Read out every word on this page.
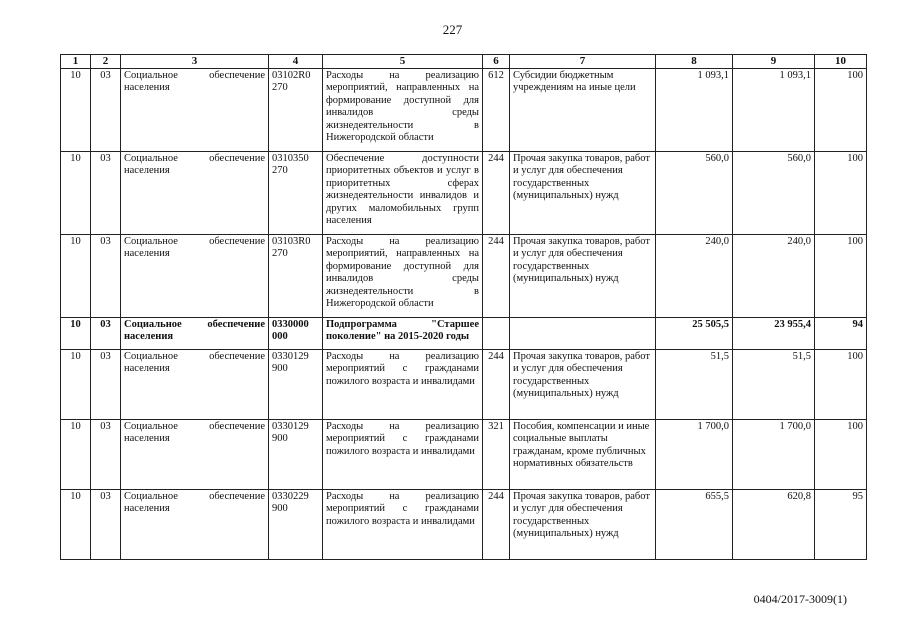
227
1	2	3	4	5	6	7	8	9	10
10	03	Социальное обеспечение населения	03102R0 270	Расходы на реализацию мероприятий, направленных на формирование доступной для инвалидов среды жизнедеятельности в Нижегородской области	612	Субсидии бюджетным учреждениям на иные цели	1 093,1	1 093,1	100
10	03	Социальное обеспечение населения	0310350 270	Обеспечение доступности приоритетных объектов и услуг в приоритетных сферах жизнедеятельности инвалидов и других маломобильных групп населения	244	Прочая закупка товаров, работ и услуг для обеспечения государственных (муниципальных) нужд	560,0	560,0	100
10	03	Социальное обеспечение населения	03103R0 270	Расходы на реализацию мероприятий, направленных на формирование доступной для инвалидов среды жизнедеятельности в Нижегородской области	244	Прочая закупка товаров, работ и услуг для обеспечения государственных (муниципальных) нужд	240,0	240,0	100
10	03	Социальное обеспечение населения	0330000 000	Подпрограмма "Старшее поколение" на 2015-2020 годы			25 505,5	23 955,4	94
10	03	Социальное обеспечение населения	0330129 900	Расходы на реализацию мероприятий с гражданами пожилого возраста и инвалидами	244	Прочая закупка товаров, работ и услуг для обеспечения государственных (муниципальных) нужд	51,5	51,5	100
10	03	Социальное обеспечение населения	0330129 900	Расходы на реализацию мероприятий с гражданами пожилого возраста и инвалидами	321	Пособия, компенсации и иные социальные выплаты гражданам, кроме публичных нормативных обязательств	1 700,0	1 700,0	100
10	03	Социальное обеспечение населения	0330229 900	Расходы на реализацию мероприятий с гражданами пожилого возраста и инвалидами	244	Прочая закупка товаров, работ и услуг для обеспечения государственных (муниципальных) нужд	655,5	620,8	95
0404/2017-3009(1)
